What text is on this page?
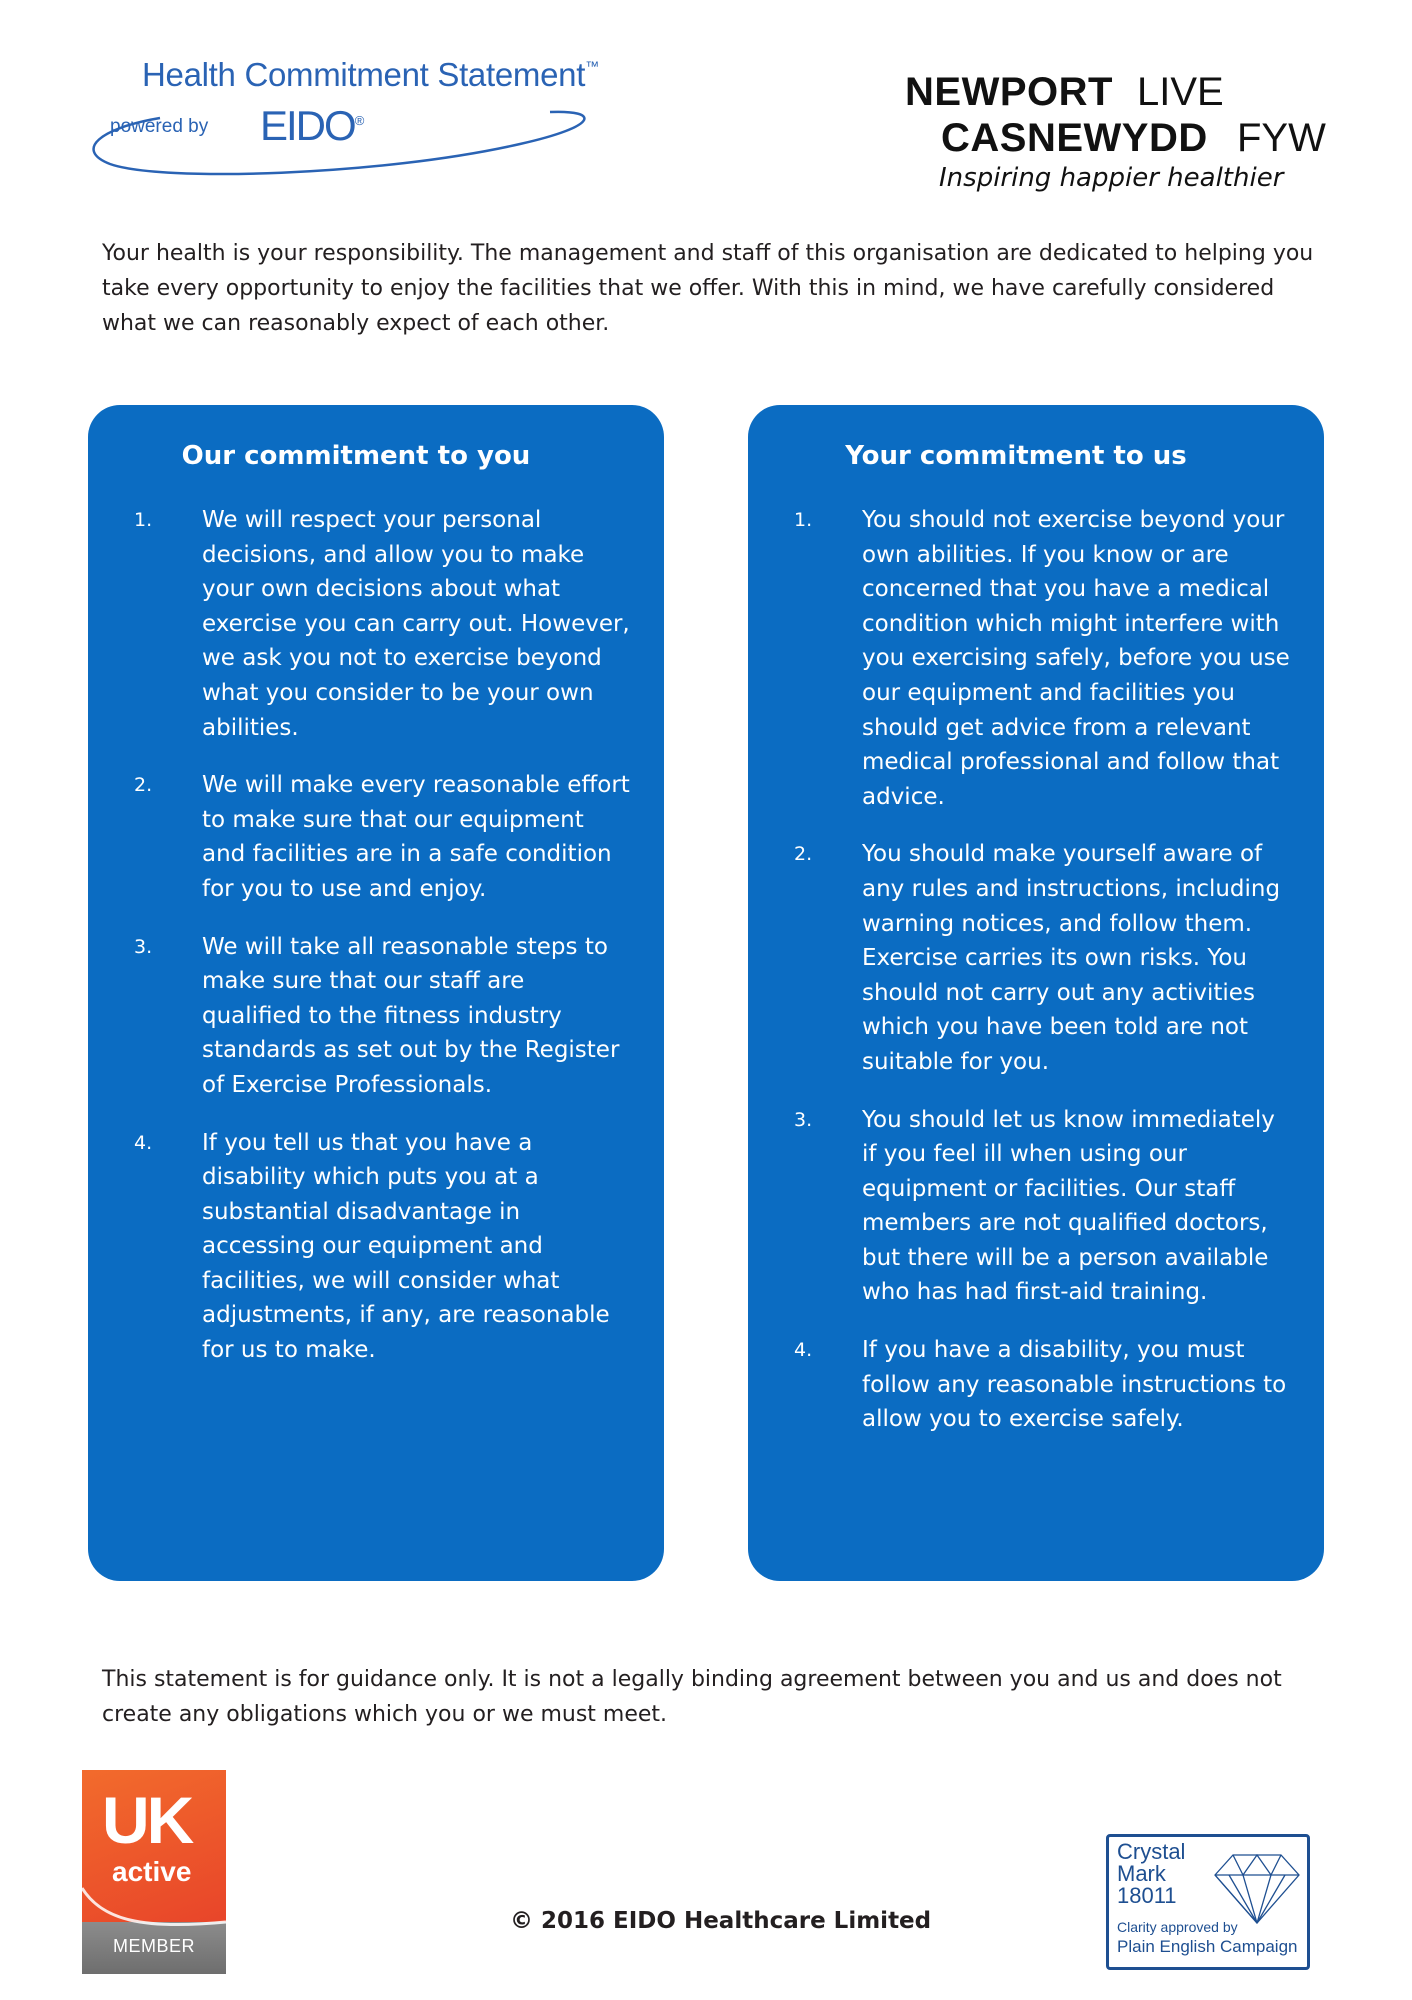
Health Commitment Statement™
powered by EIDO®
NEWPORT LIVE
CASNEWYDD FYW
Inspiring happier healthier

Your health is your responsibility. The management and staff of this organisation are dedicated to helping you take every opportunity to enjoy the facilities that we offer. With this in mind, we have carefully considered what we can reasonably expect of each other.

Our commitment to you
1. We will respect your personal decisions, and allow you to make your own decisions about what exercise you can carry out. However, we ask you not to exercise beyond what you consider to be your own abilities.
2. We will make every reasonable effort to make sure that our equipment and facilities are in a safe condition for you to use and enjoy.
3. We will take all reasonable steps to make sure that our staff are qualified to the fitness industry standards as set out by the Register of Exercise Professionals.
4. If you tell us that you have a disability which puts you at a substantial disadvantage in accessing our equipment and facilities, we will consider what adjustments, if any, are reasonable for us to make.
Your commitment to us
1. You should not exercise beyond your own abilities. If you know or are concerned that you have a medical condition which might interfere with you exercising safely, before you use our equipment and facilities you should get advice from a relevant medical professional and follow that advice.
2. You should make yourself aware of any rules and instructions, including warning notices, and follow them. Exercise carries its own risks. You should not carry out any activities which you have been told are not suitable for you.
3. You should let us know immediately if you feel ill when using our equipment or facilities. Our staff members are not qualified doctors, but there will be a person available who has had first-aid training.
4. If you have a disability, you must follow any reasonable instructions to allow you to exercise safely.

This statement is for guidance only. It is not a legally binding agreement between you and us and does not create any obligations which you or we must meet.

UK
active
MEMBER
© 2016 EIDO Healthcare Limited
Crystal
Mark
18011
Clarity approved by
Plain English Campaign
